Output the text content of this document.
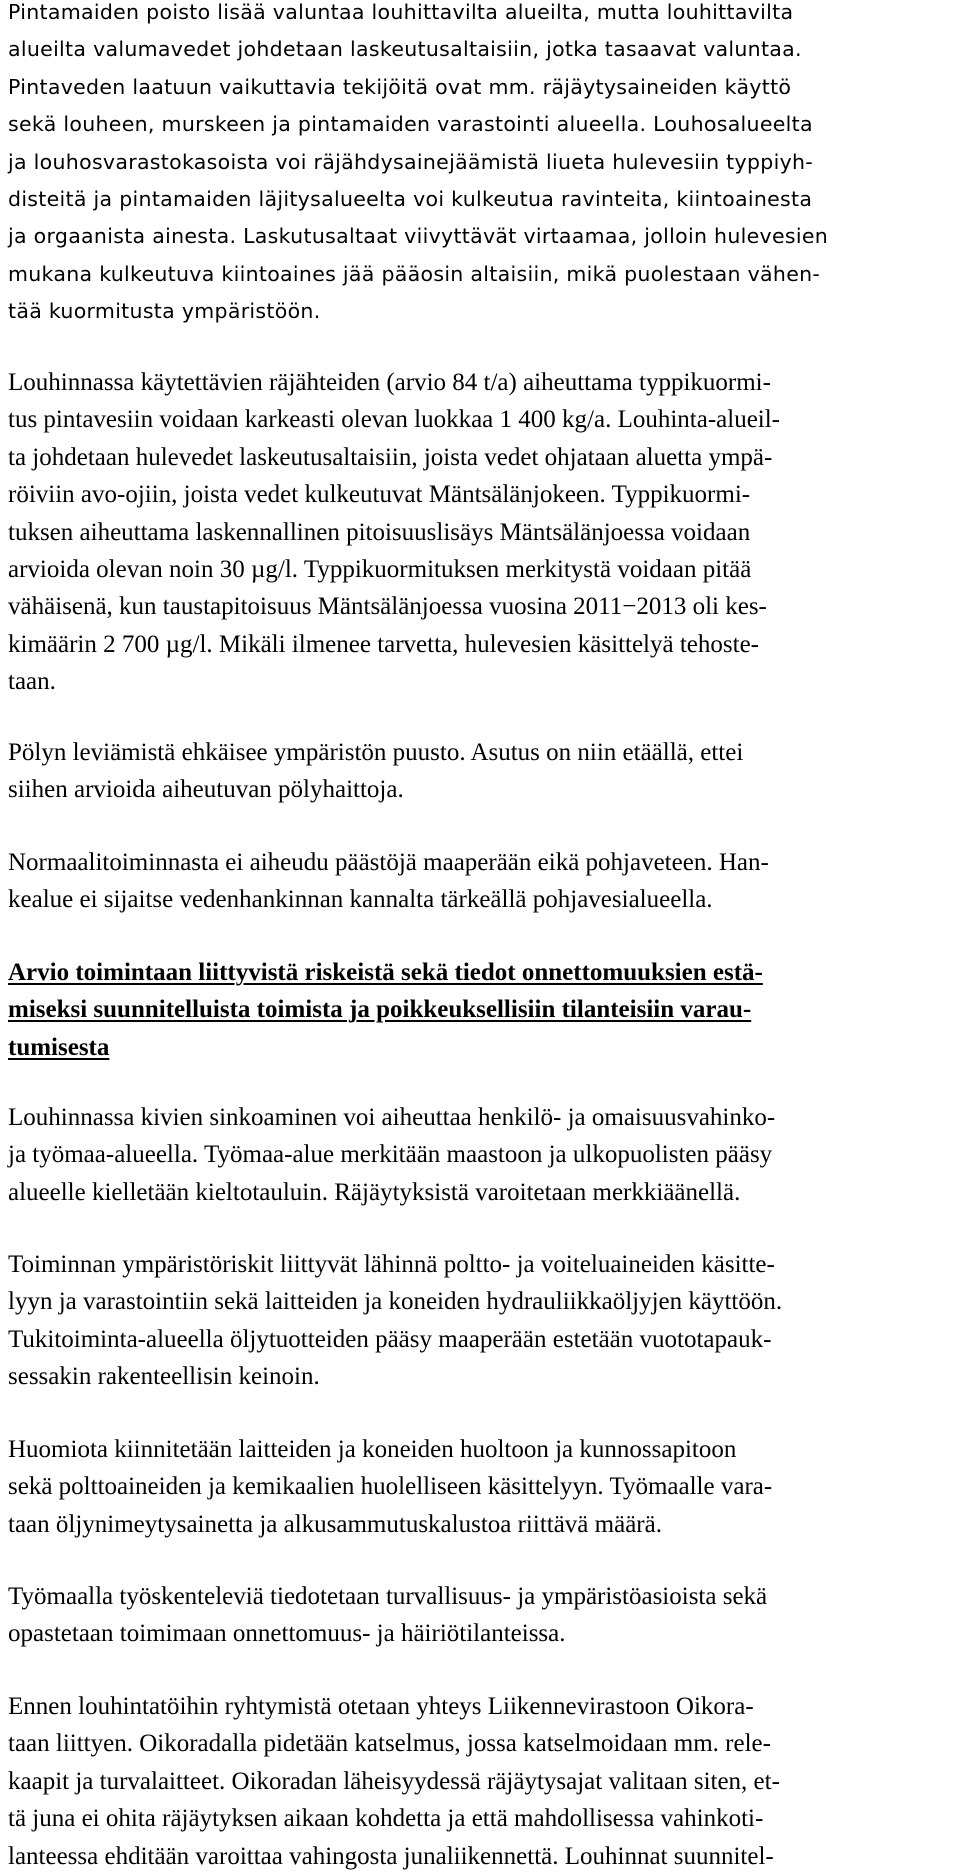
Pintamaiden poisto lisää valuntaa louhittavilta alueilta, mutta louhittavilta
alueilta valumavedet johdetaan laskeutusaltaisiin, jotka tasaavat valuntaa.
Pintaveden laatuun vaikuttavia tekijöitä ovat mm. räjäytysaineiden käyttö
sekä louheen, murskeen ja pintamaiden varastointi alueella. Louhosalueelta
ja louhosvarastokasoista voi räjähdysainejäämistä liueta hulevesiin typpiyh-
disteitä ja pintamaiden läjitysalueelta voi kulkeutua ravinteita, kiintoainesta
ja orgaanista ainesta. Laskutusaltaat viivyttävät virtaamaa, jolloin hulevesien
mukana kulkeutuva kiintoaines jää pääosin altaisiin, mikä puolestaan vähen-
tää kuormitusta ympäristöön.

Louhinnassa käytettävien räjähteiden (arvio 84 t/a) aiheuttama typpikuormi-
tus pintavesiin voidaan karkeasti olevan luokkaa 1 400 kg/a. Louhinta-alueil-
ta johdetaan hulevedet laskeutusaltaisiin, joista vedet ohjataan aluetta ympä-
röiviin avo-ojiin, joista vedet kulkeutuvat Mäntsälänjokeen. Typpikuormi-
tuksen aiheuttama laskennallinen pitoisuuslisäys Mäntsälänjoessa voidaan
arvioida olevan noin 30 µg/l. Typpikuormituksen merkitystä voidaan pitää
vähäisenä, kun taustapitoisuus Mäntsälänjoessa vuosina 2011−2013 oli kes-
kimäärin 2 700 µg/l. Mikäli ilmenee tarvetta, hulevesien käsittelyä tehoste-
taan.

Pölyn leviämistä ehkäisee ympäristön puusto. Asutus on niin etäällä, ettei
siihen arvioida aiheutuvan pölyhaittoja.

Normaalitoiminnasta ei aiheudu päästöjä maaperään eikä pohjaveteen. Han-
kealue ei sijaitse vedenhankinnan kannalta tärkeällä pohjavesialueella.

Arvio toimintaan liittyvistä riskeistä sekä tiedot onnettomuuksien estä-
miseksi suunnitelluista toimista ja poikkeuksellisiin tilanteisiin varau-
tumisesta

Louhinnassa kivien sinkoaminen voi aiheuttaa henkilö- ja omaisuusvahinko-
ja työmaa-alueella. Työmaa-alue merkitään maastoon ja ulkopuolisten pääsy
alueelle kielletään kieltotauluin. Räjäytyksistä varoitetaan merkkiäänellä.

Toiminnan ympäristöriskit liittyvät lähinnä poltto- ja voiteluaineiden käsitte-
lyyn ja varastointiin sekä laitteiden ja koneiden hydrauliikkaöljyjen käyttöön.
Tukitoiminta-alueella öljytuotteiden pääsy maaperään estetään vuototapauk-
sessakin rakenteellisin keinoin.

Huomiota kiinnitetään laitteiden ja koneiden huoltoon ja kunnossapitoon
sekä polttoaineiden ja kemikaalien huolelliseen käsittelyyn. Työmaalle vara-
taan öljynimeytysainetta ja alkusammutuskalustoa riittävä määrä.

Työmaalla työskenteleviä tiedotetaan turvallisuus- ja ympäristöasioista sekä
opastetaan toimimaan onnettomuus- ja häiriötilanteissa.

Ennen louhintatöihin ryhtymistä otetaan yhteys Liikennevirastoon Oikora-
taan liittyen. Oikoradalla pidetään katselmus, jossa katselmoidaan mm. rele-
kaapit ja turvalaitteet. Oikoradan läheisyydessä räjäytysajat valitaan siten, et-
tä juna ei ohita räjäytyksen aikaan kohdetta ja että mahdollisessa vahinkoti-
lanteessa ehditään varoittaa vahingosta junaliikennettä. Louhinnat suunnitel-
